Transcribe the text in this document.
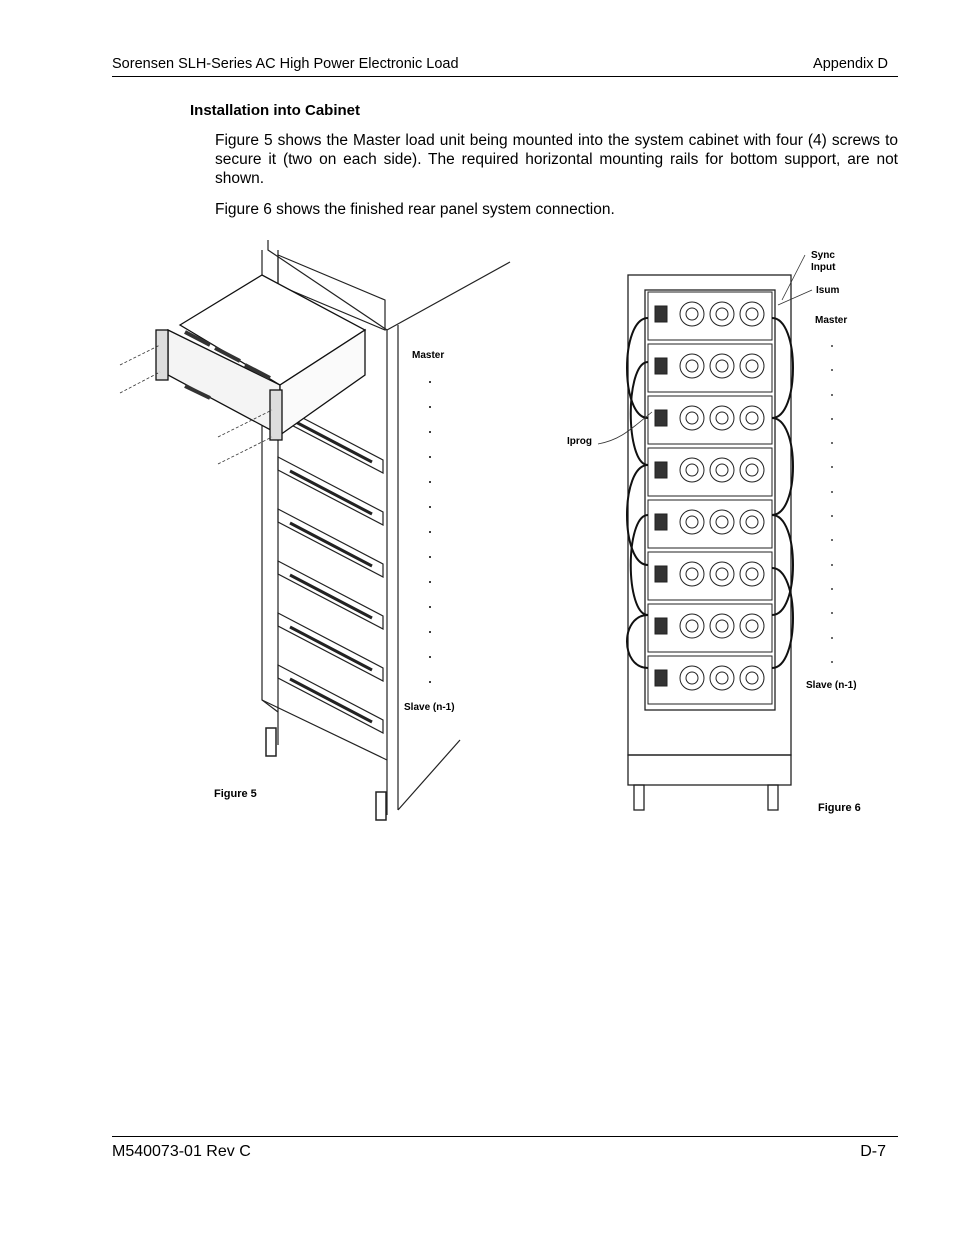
Sorensen SLH-Series AC High Power Electronic Load	Appendix D
Installation into Cabinet
Figure 5 shows the Master load unit being mounted into the system cabinet with four (4) screws to secure it (two on each side). The required horizontal mounting rails for bottom support, are not shown.
Figure 6 shows the finished rear panel system connection.
Master
Slave (n-1)
Figure 5
Sync
Input
Isum
Master
Iprog
Slave (n-1)
Figure 6
M540073-01 Rev C	D-7
